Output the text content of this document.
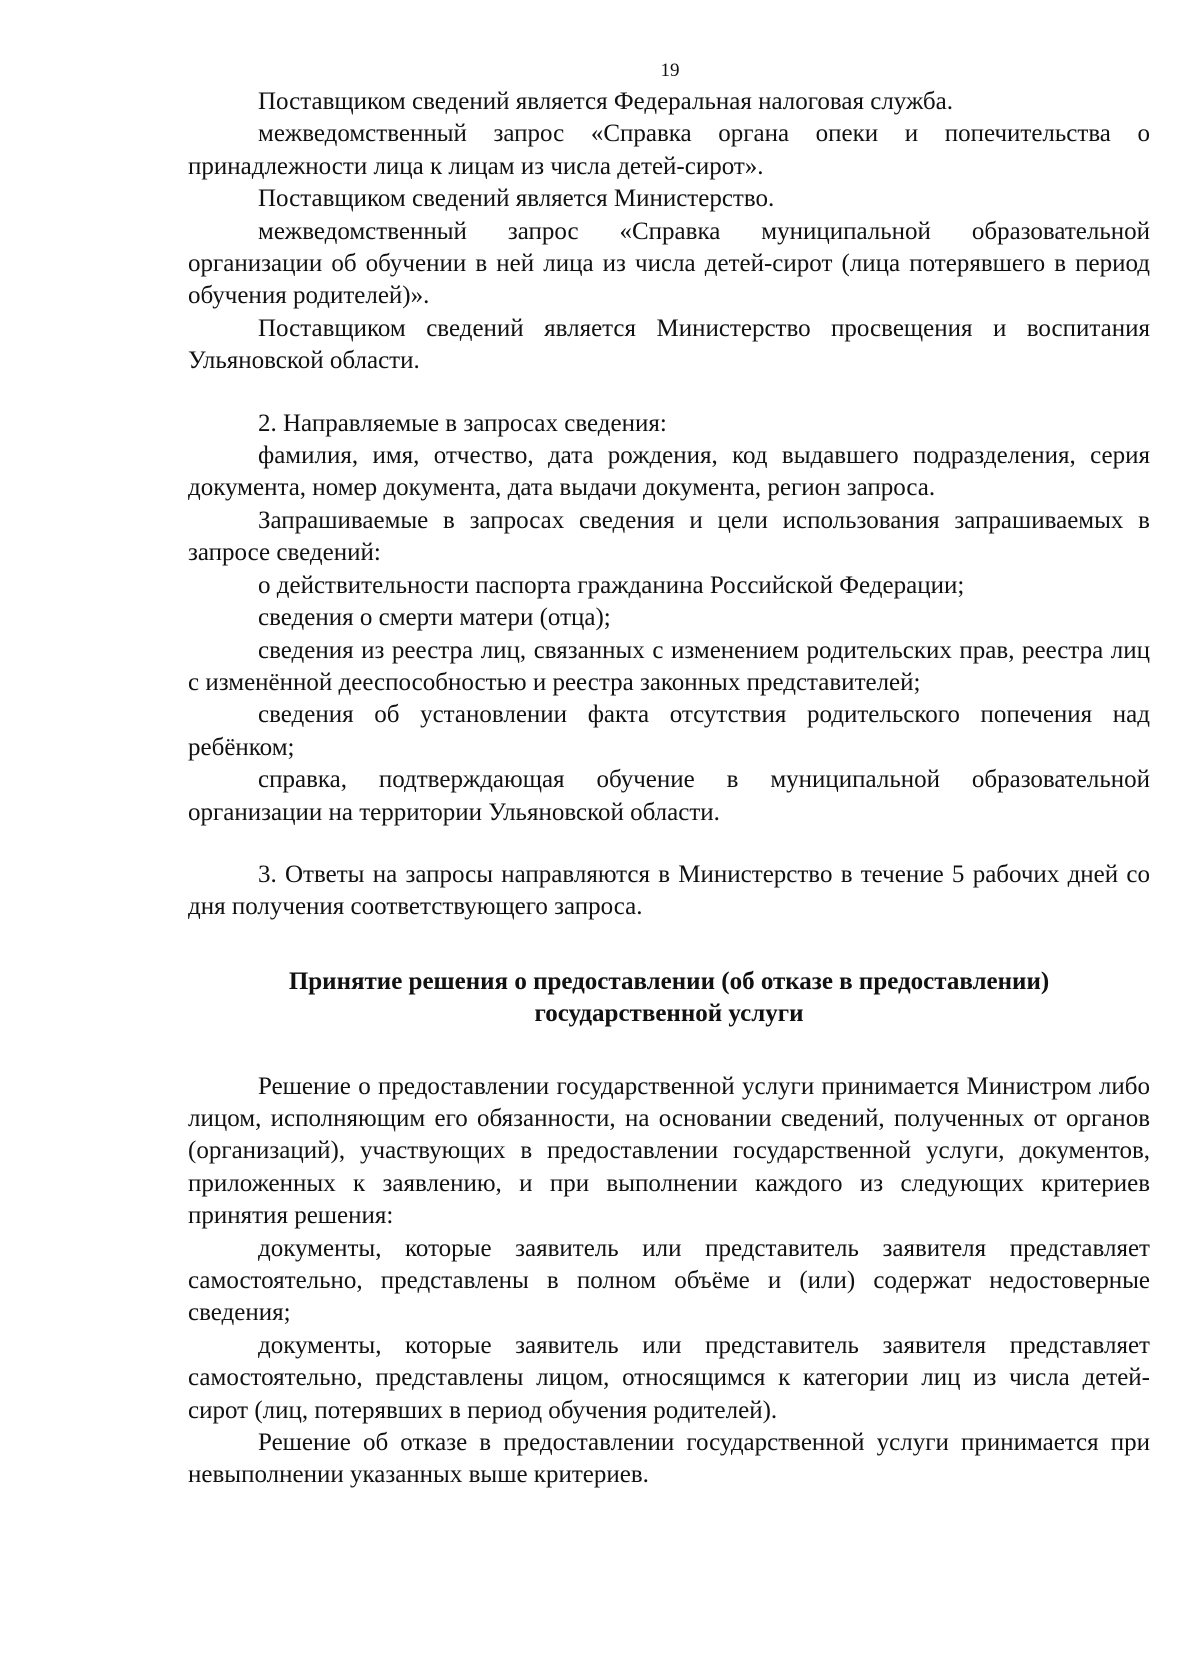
19

Поставщиком сведений является Федеральная налоговая служба.

межведомственный запрос «Справка органа опеки и попечительства о принадлежности лица к лицам из числа детей-сирот».

Поставщиком сведений является Министерство.

межведомственный запрос «Справка муниципальной образовательной организации об обучении в ней лица из числа детей-сирот (лица потерявшего в период обучения родителей)».

Поставщиком сведений является Министерство просвещения и воспитания Ульяновской области.

2. Направляемые в запросах сведения:

фамилия, имя, отчество, дата рождения, код выдавшего подразделения, серия документа, номер документа, дата выдачи документа, регион запроса.

Запрашиваемые в запросах сведения и цели использования запрашиваемых в запросе сведений:

о действительности паспорта гражданина Российской Федерации;

сведения о смерти матери (отца);

сведения из реестра лиц, связанных с изменением родительских прав, реестра лиц с изменённой дееспособностью и реестра законных представителей;

сведения об установлении факта отсутствия родительского попечения над ребёнком;

справка, подтверждающая обучение в муниципальной образовательной организации на территории Ульяновской области.

3. Ответы на запросы направляются в Министерство в течение 5 рабочих дней со дня получения соответствующего запроса.

Принятие решения о предоставлении (об отказе в предоставлении)

государственной услуги

Решение о предоставлении государственной услуги принимается Министром либо лицом, исполняющим его обязанности, на основании сведений, полученных от органов (организаций), участвующих в предоставлении государственной услуги, документов, приложенных к заявлению, и при выполнении каждого из следующих критериев принятия решения:

документы, которые заявитель или представитель заявителя представляет самостоятельно, представлены в полном объёме и (или) содержат недостоверные сведения;

документы, которые заявитель или представитель заявителя представляет самостоятельно, представлены лицом, относящимся к категории лиц из числа детей-сирот (лиц, потерявших в период обучения родителей).

Решение об отказе в предоставлении государственной услуги принимается при невыполнении указанных выше критериев.
